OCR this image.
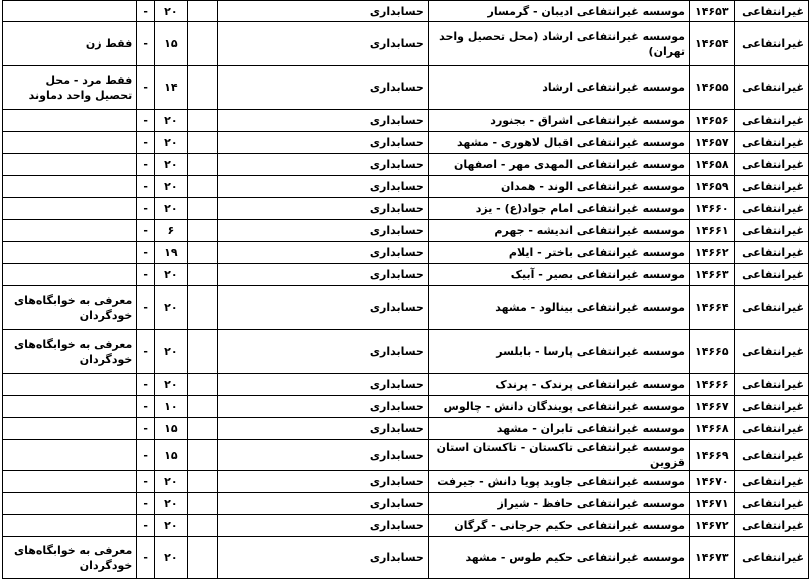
غیرانتفاعی	۱۴۶۵۳	موسسه غیرانتفاعی ادیبان - گرمسار	حسابداری		۲۰	-	
غیرانتفاعی	۱۴۶۵۴	موسسه غیرانتفاعی ارشاد (محل تحصیل واحد تهران)	حسابداری		۱۵	-	فقط زن
غیرانتفاعی	۱۴۶۵۵	موسسه غیرانتفاعی ارشاد	حسابداری		۱۴	-	فقط مرد - محل تحصیل واحد دماوند
غیرانتفاعی	۱۴۶۵۶	موسسه غیرانتفاعی اشراق - بجنورد	حسابداری		۲۰	-	
غیرانتفاعی	۱۴۶۵۷	موسسه غیرانتفاعی اقبال لاهوری - مشهد	حسابداری		۲۰	-	
غیرانتفاعی	۱۴۶۵۸	موسسه غیرانتفاعی المهدی مهر - اصفهان	حسابداری		۲۰	-	
غیرانتفاعی	۱۴۶۵۹	موسسه غیرانتفاعی الوند - همدان	حسابداری		۲۰	-	
غیرانتفاعی	۱۴۶۶۰	موسسه غیرانتفاعی امام جواد(ع) - یزد	حسابداری		۲۰	-	
غیرانتفاعی	۱۴۶۶۱	موسسه غیرانتفاعی اندیشه - جهرم	حسابداری		۶	-	
غیرانتفاعی	۱۴۶۶۲	موسسه غیرانتفاعی باختر - ایلام	حسابداری		۱۹	-	
غیرانتفاعی	۱۴۶۶۳	موسسه غیرانتفاعی بصیر - آبیک	حسابداری		۲۰	-	
غیرانتفاعی	۱۴۶۶۴	موسسه غیرانتفاعی بینالود - مشهد	حسابداری		۲۰	-	معرفی به خوابگاه‌های خودگردان
غیرانتفاعی	۱۴۶۶۵	موسسه غیرانتفاعی پارسا - بابلسر	حسابداری		۲۰	-	معرفی به خوابگاه‌های خودگردان
غیرانتفاعی	۱۴۶۶۶	موسسه غیرانتفاعی پرندک - پرندک	حسابداری		۲۰	-	
غیرانتفاعی	۱۴۶۶۷	موسسه غیرانتفاعی پویندگان دانش - چالوس	حسابداری		۱۰	-	
غیرانتفاعی	۱۴۶۶۸	موسسه غیرانتفاعی تابران - مشهد	حسابداری		۱۵	-	
غیرانتفاعی	۱۴۶۶۹	موسسه غیرانتفاعی تاکستان - تاکستان استان قزوین	حسابداری		۱۵	-	
غیرانتفاعی	۱۴۶۷۰	موسسه غیرانتفاعی جاوید پویا دانش - جیرفت	حسابداری		۲۰	-	
غیرانتفاعی	۱۴۶۷۱	موسسه غیرانتفاعی حافظ - شیراز	حسابداری		۲۰	-	
غیرانتفاعی	۱۴۶۷۲	موسسه غیرانتفاعی حکیم جرجانی - گرگان	حسابداری		۲۰	-	
غیرانتفاعی	۱۴۶۷۳	موسسه غیرانتفاعی حکیم طوس - مشهد	حسابداری		۲۰	-	معرفی به خوابگاه‌های خودگردان
